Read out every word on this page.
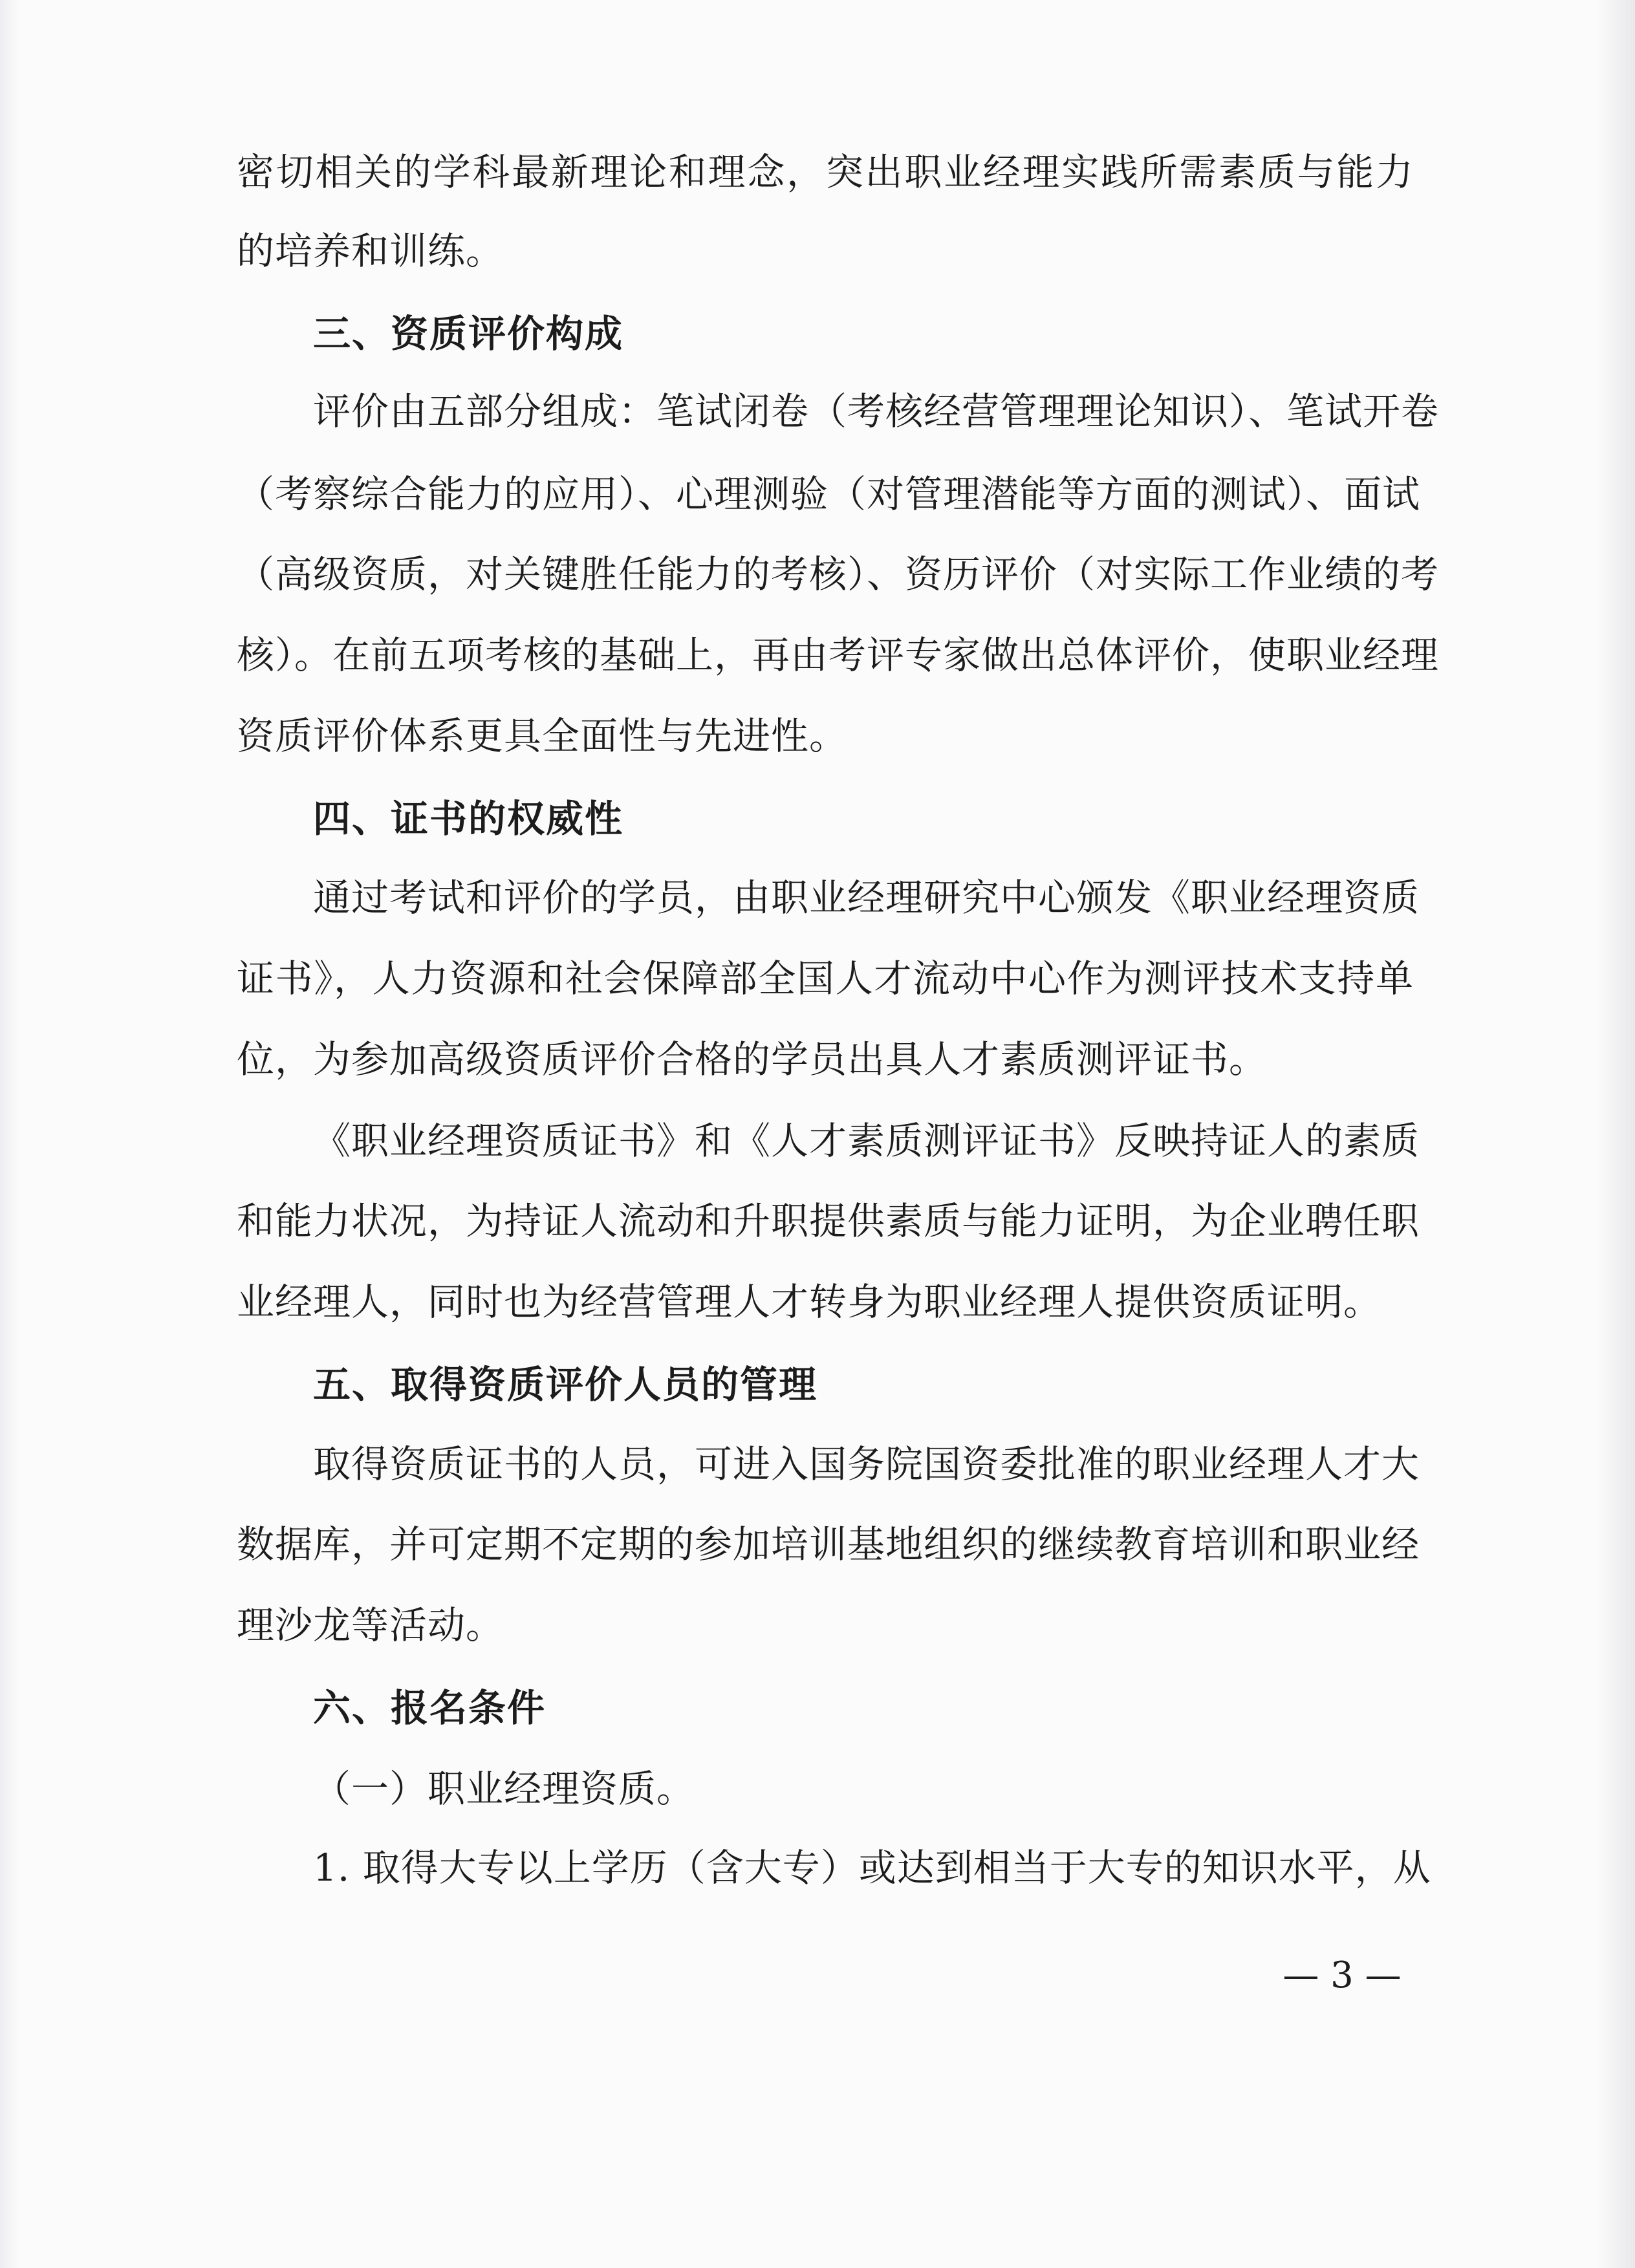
密切相关的学科最新理论和理念，突出职业经理实践所需素质与能力
的培养和训练。
三、资质评价构成
评价由五部分组成：笔试闭卷（考核经营管理理论知识）、笔试开卷
（考察综合能力的应用）、心理测验（对管理潜能等方面的测试）、面试
（高级资质，对关键胜任能力的考核）、资历评价（对实际工作业绩的考
核）。在前五项考核的基础上，再由考评专家做出总体评价，使职业经理
资质评价体系更具全面性与先进性。
四、证书的权威性
通过考试和评价的学员，由职业经理研究中心颁发《职业经理资质
证书》，人力资源和社会保障部全国人才流动中心作为测评技术支持单
位，为参加高级资质评价合格的学员出具人才素质测评证书。
《职业经理资质证书》和《人才素质测评证书》反映持证人的素质
和能力状况，为持证人流动和升职提供素质与能力证明，为企业聘任职
业经理人，同时也为经营管理人才转身为职业经理人提供资质证明。
五、取得资质评价人员的管理
取得资质证书的人员，可进入国务院国资委批准的职业经理人才大
数据库，并可定期不定期的参加培训基地组织的继续教育培训和职业经
理沙龙等活动。
六、报名条件
（一）职业经理资质。
1. 取得大专以上学历（含大专）或达到相当于大专的知识水平，从
— 3 —
